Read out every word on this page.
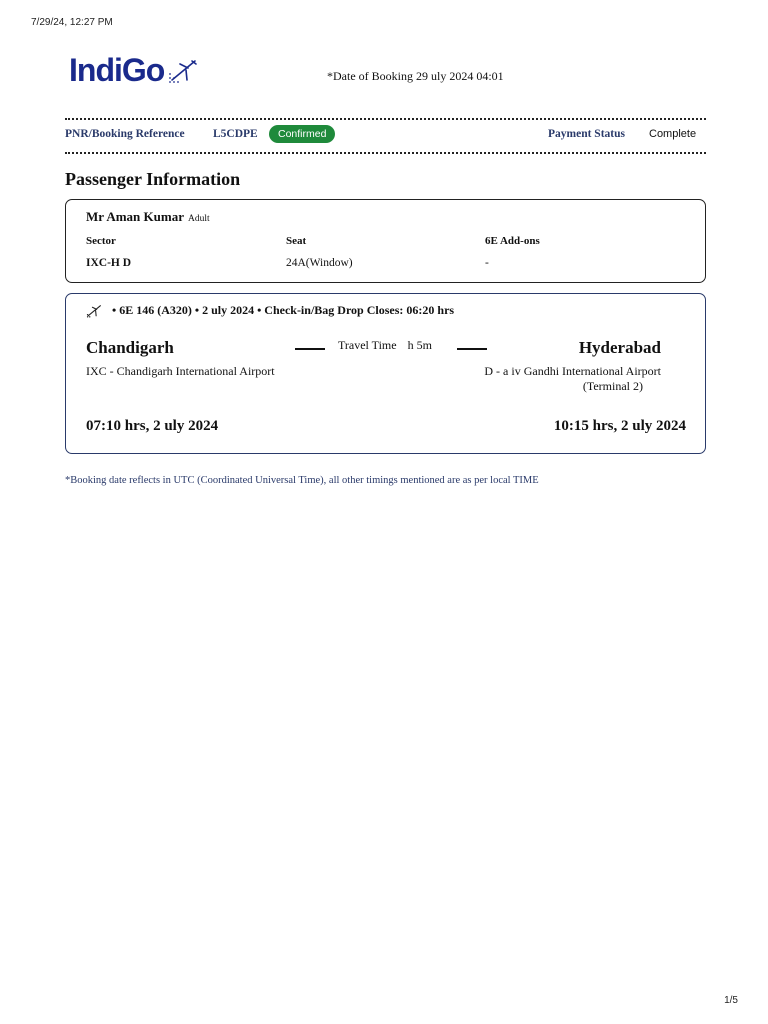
7/29/24, 12:27 PM
IndiGo	*Date of Booking 29 uly 2024 04:01
PNR/Booking Reference L5CDPE	Confirmed	Payment Status Complete
Passenger Information
Mr Aman Kumar Adult
Sector	Seat	6E Add-ons
IXC-H D	24A(Window)	-
• 6E 146 (A320) • 2 uly 2024 • Check-in/Bag Drop Closes: 06:20 hrs
Chandigarh	Travel Time h 5m	Hyderabad
IXC - Chandigarh International Airport	D - a iv Gandhi International Airport
(Terminal 2)
07:10 hrs, 2 uly 2024	10:15 hrs, 2 uly 2024
*Booking date reflects in UTC (Coordinated Universal Time), all other timings mentioned are as per local TIME
1/5
